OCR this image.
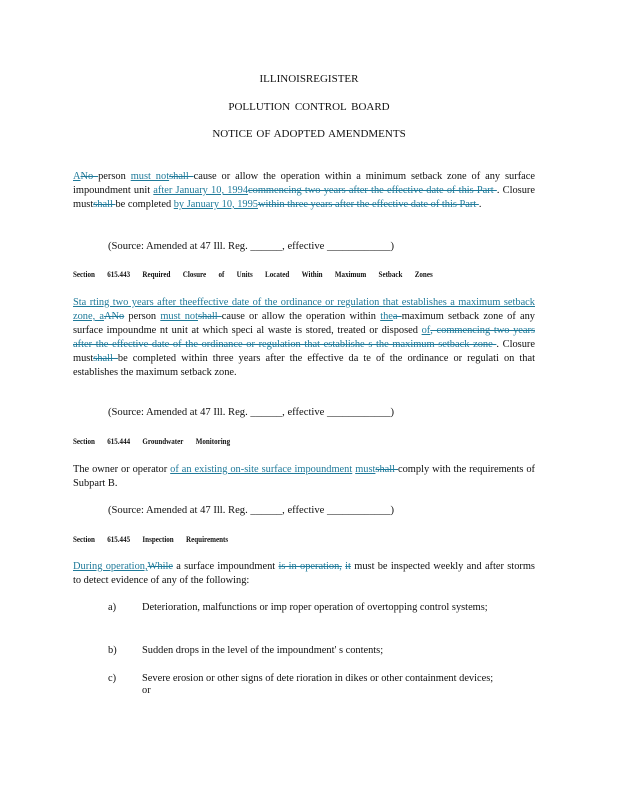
ILLINOISREGISTER
POLLUTION CONTROL BOARD
NOTICE OF ADOPTED AMENDMENTS
ANo person must notshall cause or allow the operation within a minimum setback zone of any surface impoundment unit after January 10, 1994commencing two years after the effective date of this Part . Closure mustshall be completed by January 10, 1995within three years after the effective date of this Part .
(Source: Amended at 47 Ill. Reg. ______, effective ____________)
Section 615.443 Required Closure of Units Located Within Maximum Setback Zones
Sta rting two years after theeffective date of the ordinance or regulation that establishes a maximum setback zone, aANo person must notshall cause or allow the operation within thea maximum setback zone of any surface impoundme nt unit at which speci al waste is stored, treated or disposed of, commencing two years after the effective date of the ordinance or regulation that establishe s the maximum setback zone . Closure mustshall be completed within three years after the effective da te of the ordinance or regulati on that establishes the maximum setback zone.
(Source: Amended at 47 Ill. Reg. ______, effective ____________)
Section 615.444 Groundwater Monitoring
The owner or operator of an existing on-site surface impoundment mustshall comply with the requirements of Subpart B.
(Source: Amended at 47 Ill. Reg. ______, effective ____________)
Section 615.445 Inspection Requirements
During operation,While a surface impoundment is in operation, it must be inspected weekly and after storms to detect evidence of any of the following:
a) Deterioration, malfunctions or imp roper operation of overtopping control systems;
b) Sudden drops in the level of the impoundment' s contents;
c) Severe erosion or other signs of dete rioration in dikes or other containment devices; or
